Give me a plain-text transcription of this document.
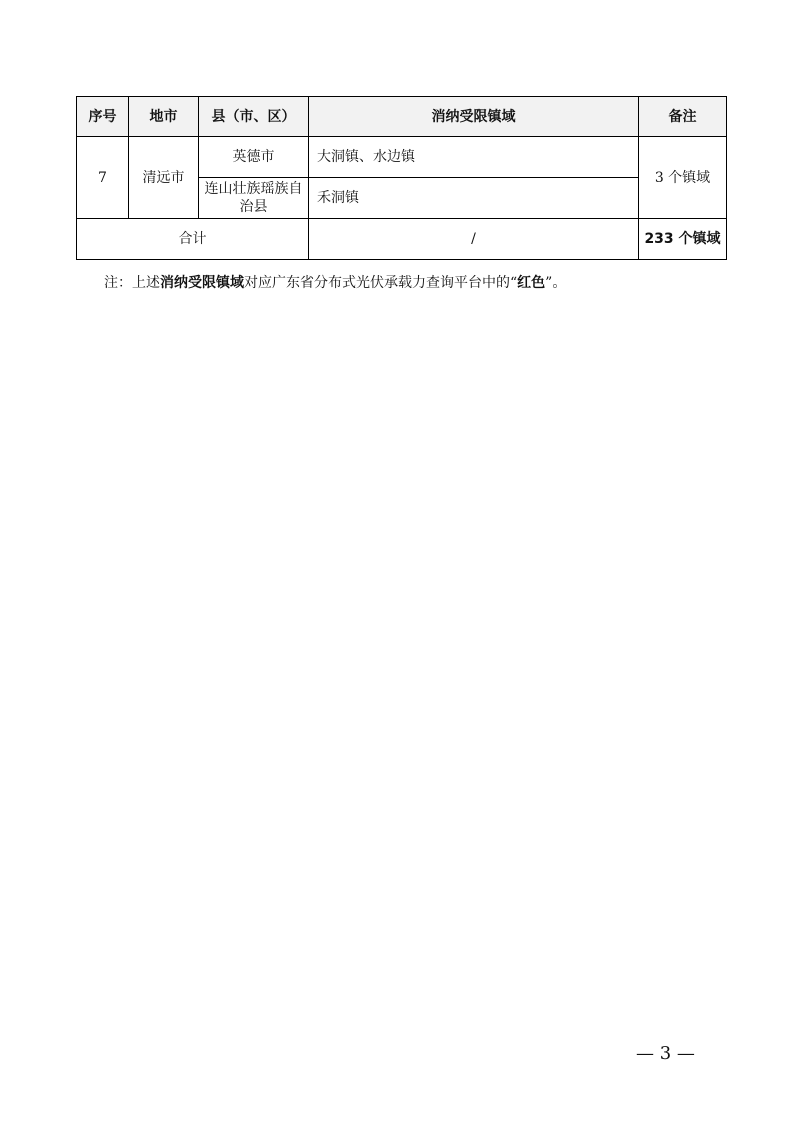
序号	地市	县（市、区）	消纳受限镇域	备注
7	清远市	英德市	大洞镇、水边镇	3 个镇域
		连山壮族瑶族自治县	禾洞镇	
合计			/	233 个镇域
注：上述消纳受限镇域对应广东省分布式光伏承载力查询平台中的“红色”。
— 3 —
